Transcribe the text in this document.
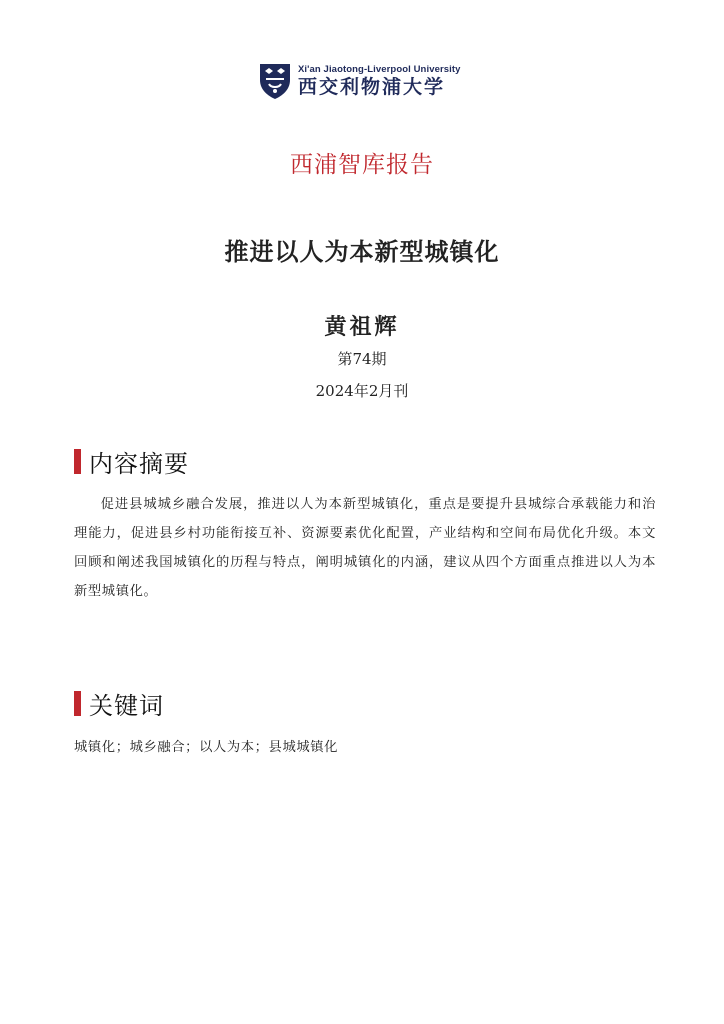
Xi'an Jiaotong-Liverpool University
西交利物浦大学
西浦智库报告
推进以人为本新型城镇化
黄祖辉
第74期
2024年2月刊
内容摘要

促进县城城乡融合发展，推进以人为本新型城镇化，重点是要提升县城综合承载能力和治理能力，促进县乡村功能衔接互补、资源要素优化配置，产业结构和空间布局优化升级。本文回顾和阐述我国城镇化的历程与特点，阐明城镇化的内涵，建议从四个方面重点推进以人为本新型城镇化。

关键词
城镇化；城乡融合；以人为本；县城城镇化
